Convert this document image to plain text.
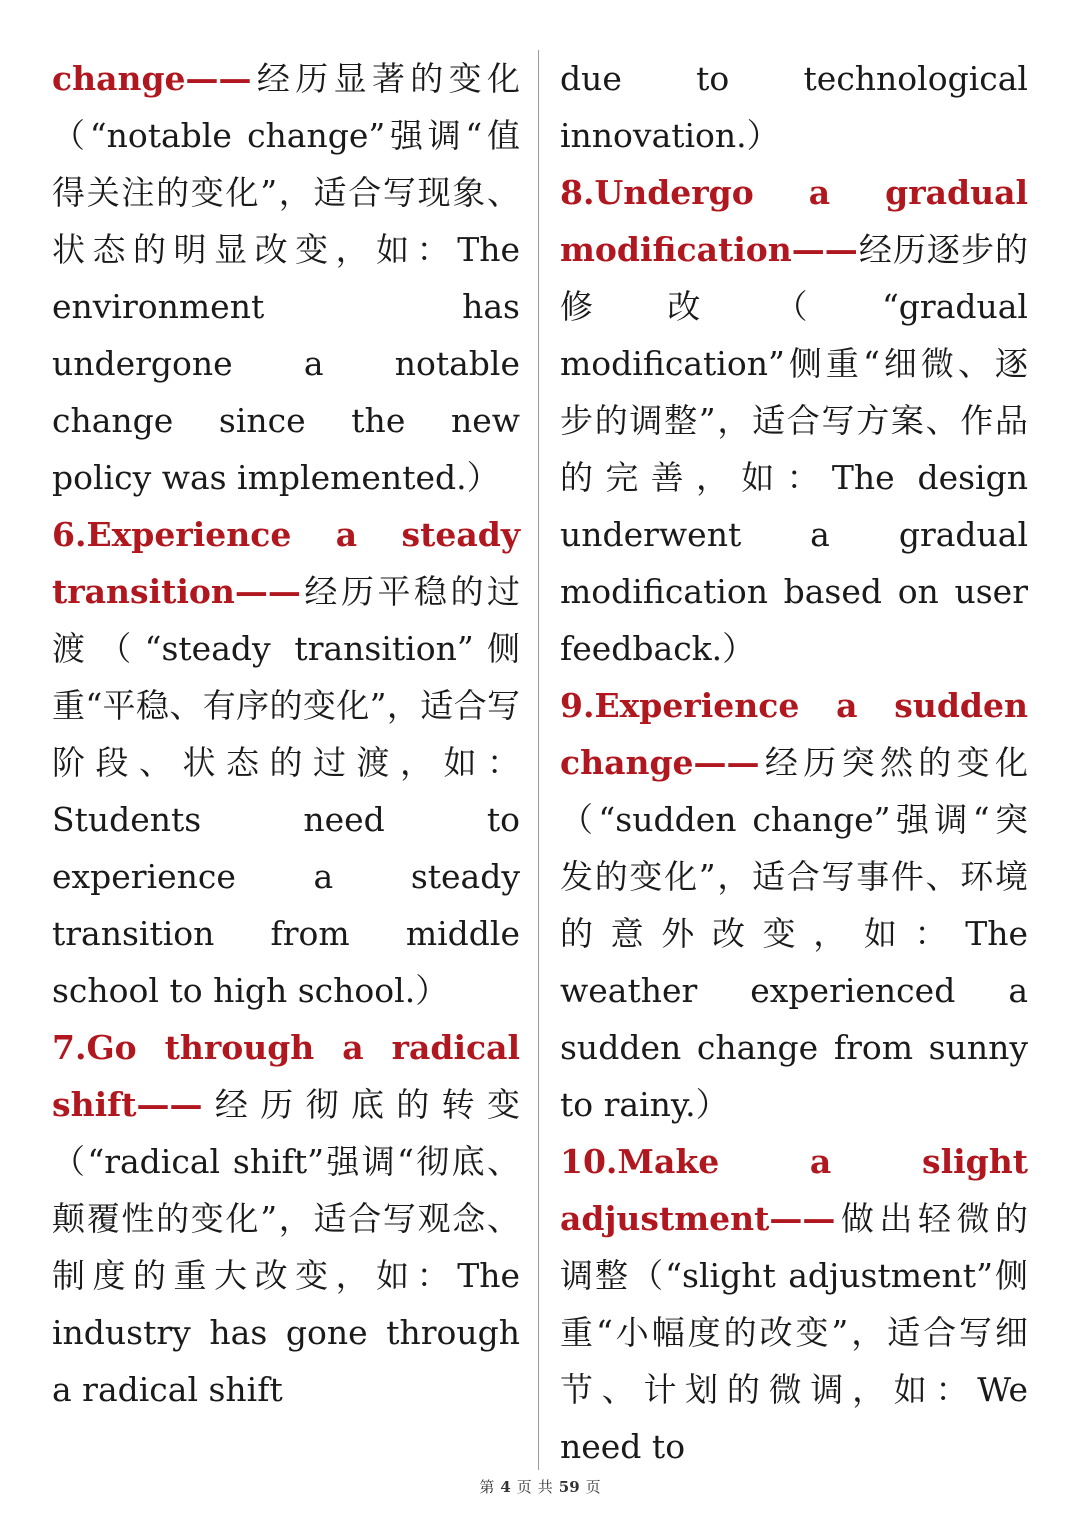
change——经历显著的变化（“notable change”强调“值得关注的变化”，适合写现象、状态的明显改变，如：The environment has undergone a notable change since the new policy was implemented.）

6.Experience a steady transition——经历平稳的过渡（“steady transition”侧重“平稳、有序的变化”，适合写阶段、状态的过渡，如：Students need to experience a steady transition from middle school to high school.）

7.Go through a radical shift——经历彻底的转变（“radical shift”强调“彻底、颠覆性的变化”，适合写观念、制度的重大改变，如：The industry has gone through a radical shift

due to technological innovation.）

8.Undergo a gradual modification——经历逐步的修改（“gradual modification”侧重“细微、逐步的调整”，适合写方案、作品的完善，如：The design underwent a gradual modification based on user feedback.）

9.Experience a sudden change——经历突然的变化（“sudden change”强调“突发的变化”，适合写事件、环境的意外改变，如：The weather experienced a sudden change from sunny to rainy.）

10.Make a slight adjustment——做出轻微的调整（“slight adjustment”侧重“小幅度的改变”，适合写细节、计划的微调，如：We need to

第 4 页 共 59 页
